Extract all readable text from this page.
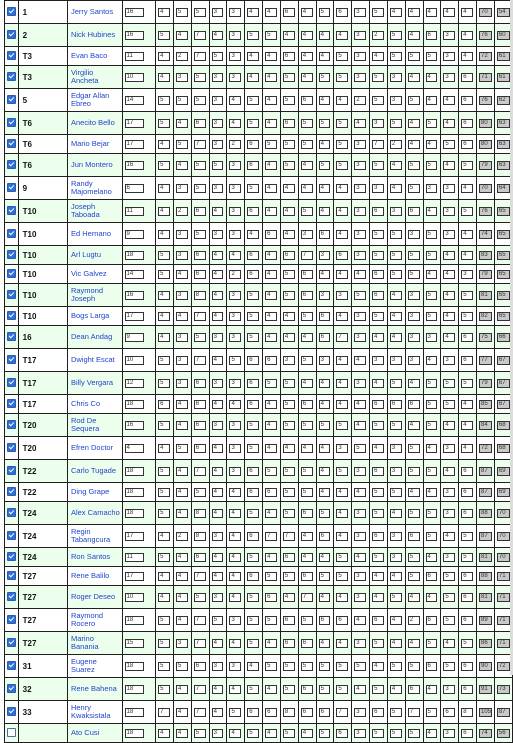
	1	Jerry Santos	16	4	5	5	3	3	4	4	6	4	5	6	3	5	4	4	4	4	4	70	54

	2	Nick Hubines	16	5	4	7	4	3	5	5	4	4	4	4	3	2	5	4	6	3	4	76	60

	T3	Evan Baco	11	4	2	7	5	3	4	4	6	4	4	5	3	4	5	5	5	3	4	72	61

	T3	Virgilio Ancheta	10	4	3	5	3	3	4	4	5	4	5	5	3	5	3	4	4	3	6	71	61

	5	Edgar Allan Ebreo	14	5	5	5	3	4	5	4	5	6	4	4	2	5	3	5	4	4	6	76	62

	T6	Anecito Bello	17	5	4	6	3	4	5	4	6	5	5	5	4	3	5	4	5	4	6	80	63

	T6	Mario Bejar	17	4	5	7	3	2	6	5	5	5	4	5	3	7	2	4	4	5	6	80	63

	T6	Jun Montero	16	5	4	5	5	3	6	4	5	4	5	5	3	5	4	5	5	4	5	79	63

	9	Randy Majomelano	6	4	3	5	3	3	5	4	4	4	4	4	3	3	4	5	3	3	4	70	64

	T10	Joseph Taboada	11	4	2	6	4	3	6	4	4	5	4	4	3	6	3	6	4	3	5	76	65

	T10	Ed Hernano	9	4	3	5	3	3	4	6	4	3	6	4	3	5	5	3	5	3	4	74	65

	T10	Arl Lugtu	18	5	3	6	4	4	6	4	6	7	3	6	3	5	5	5	5	4	4	83	65

	T10	Vic Galvez	14	5	4	6	4	2	6	4	5	6	4	4	4	6	5	5	4	4	3	79	65

	T10	Raymond Joseph	16	4	3	8	4	3	5	4	5	6	3	3	5	6	4	3	5	4	5	81	65

	T10	Bogs Larga	17	4	4	7	4	3	5	4	4	5	6	4	3	5	4	3	5	4	5	82	65

	16	Dean Andag	9	4	3	5	3	3	5	4	4	4	6	7	3	4	4	3	3	4	6	75	66

	T17	Dwight Escat	10	5	3	7	4	5	6	6	3	5	3	4	4	3	3	3	4	3	6	77	67

	T17	Billy Vergara	12	5	3	6	3	3	6	5	5	4	4	4	3	4	5	4	5	5	5	79	67

	T17	Chris Co	18	6	4	6	4	4	6	4	5	6	4	4	4	6	6	6	5	5	4	85	67

	T20	Rod De Sequera	16	5	4	6	3	3	5	4	5	5	5	5	4	5	5	4	5	4	4	84	68

	T20	Efren Doctor	4	4	5	6	4	3	5	4	4	4	4	3	5	4	3	5	4	3	4	72	68

	T22	Carlo Tugade	18	5	4	7	4	3	6	5	5	5	4	5	3	6	3	5	5	4	6	87	69

	T22	Ding Grape	18	5	4	5	4	4	6	6	5	5	4	4	4	5	5	4	4	3	6	87	69

	T24	Alex Camacho	18	5	4	8	4	4	5	4	5	6	5	4	3	5	4	5	5	3	6	88	70

	T24	Regin Tabangcura	17	4	2	8	3	4	6	7	7	4	6	4	3	6	3	6	5	4	5	87	70

	T24	Ron Santos	11	5	4	6	4	4	5	4	6	4	4	5	4	5	3	5	4	3	5	81	70

	T27	Rene Balilo	17	4	4	7	4	4	6	5	5	6	5	5	3	4	4	5	6	5	6	88	71

	T27	Roger Deseo	10	4	4	5	3	4	5	6	4	7	4	4	3	4	5	4	4	5	6	81	71

	T27	Raymond Rocero	18	5	4	7	5	3	5	5	6	5	6	6	4	6	4	2	6	5	6	89	71

	T27	Marino Banania	15	5	3	7	4	4	5	4	6	6	4	4	3	5	4	4	5	4	5	86	71

	31	Eugene Suarez	18	5	5	6	3	3	4	5	5	5	5	5	5	4	5	5	6	5	6	90	72

	32	Rene Bahena	18	5	4	7	4	4	5	4	5	6	5	5	4	5	4	6	4	3	6	91	73

	33	Henry Kwaksistala	18	7	4	7	4	5	6	6	8	6	6	7	3	6	5	7	5	6	8	105	87

		Ato Cusi	18	4	4	5	3	4	5	4	5	4	5	6	3	5	5	5	4	3	6	74	56
